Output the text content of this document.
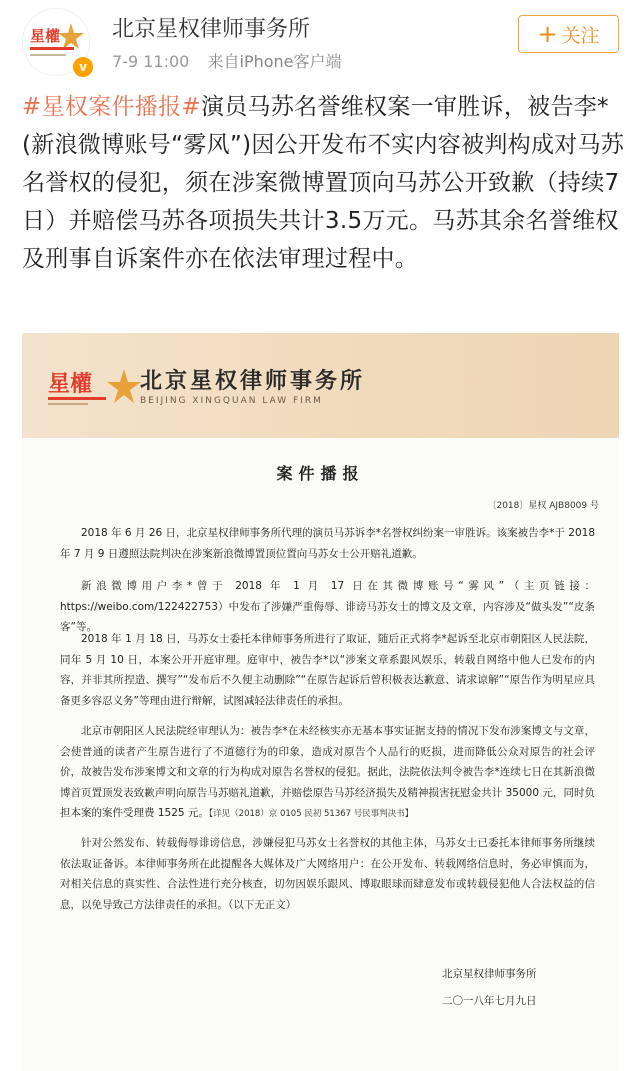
星權
v
北京星权律师事务所
7-9 11:00 来自iPhone客户端
+ 关注
#星权案件播报#演员马苏名誉维权案一审胜诉，被告李*(新浪微博账号“雾风”)因公开发布不实内容被判构成对马苏名誉权的侵犯，须在涉案微博置顶向马苏公开致歉（持续7日）并赔偿马苏各项损失共计3.5万元。马苏其余名誉维权及刑事自诉案件亦在依法审理过程中。
星權 北京星权律师事务所
BEIJING XINGQUAN LAW FIRM
案件播报
〔2018〕星权 AJB8009 号
2018 年 6 月 26 日，北京星权律师事务所代理的演员马苏诉李*名誉权纠纷案一审胜诉。该案被告李*于 2018 年 7 月 9 日遵照法院判决在涉案新浪微博置顶位置向马苏女士公开赔礼道歉。
新浪微博用户李*曾于 2018 年 1 月 17 日在其微博账号“雾风”（主页链接：https://weibo.com/122422753）中发布了涉嫌严重侮辱、诽谤马苏女士的博文及文章，内容涉及“做头发”“皮条客”等。
2018 年 1 月 18 日，马苏女士委托本律师事务所进行了取证，随后正式将李*起诉至北京市朝阳区人民法院，同年 5 月 10 日，本案公开开庭审理。庭审中，被告李*以“涉案文章系跟风娱乐，转载自网络中他人已发布的内容，并非其所捏造、撰写”“发布后不久便主动删除”“在原告起诉后曾积极表达歉意、请求谅解”“原告作为明星应具备更多容忍义务”等理由进行辩解，试图减轻法律责任的承担。
北京市朝阳区人民法院经审理认为：被告李*在未经核实亦无基本事实证据支持的情况下发布涉案博文与文章，会使普通的读者产生原告进行了不道德行为的印象，造成对原告个人品行的贬损，进而降低公众对原告的社会评价，故被告发布涉案博文和文章的行为构成对原告名誉权的侵犯。据此，法院依法判令被告李*连续七日在其新浪微博首页置顶发表致歉声明向原告马苏赔礼道歉，并赔偿原告马苏经济损失及精神损害抚慰金共计 35000 元，同时负担本案的案件受理费 1525 元。【详见（2018）京 0105 民初 51367 号民事判决书】
针对公然发布、转载侮辱诽谤信息，涉嫌侵犯马苏女士名誉权的其他主体，马苏女士已委托本律师事务所继续依法取证备诉。本律师事务所在此提醒各大媒体及广大网络用户：在公开发布、转载网络信息时，务必审慎而为，对相关信息的真实性、合法性进行充分核查，切勿因娱乐跟风、博取眼球而肆意发布或转载侵犯他人合法权益的信息，以免导致己方法律责任的承担。（以下无正文）
北京星权律师事务所
二〇一八年七月九日
